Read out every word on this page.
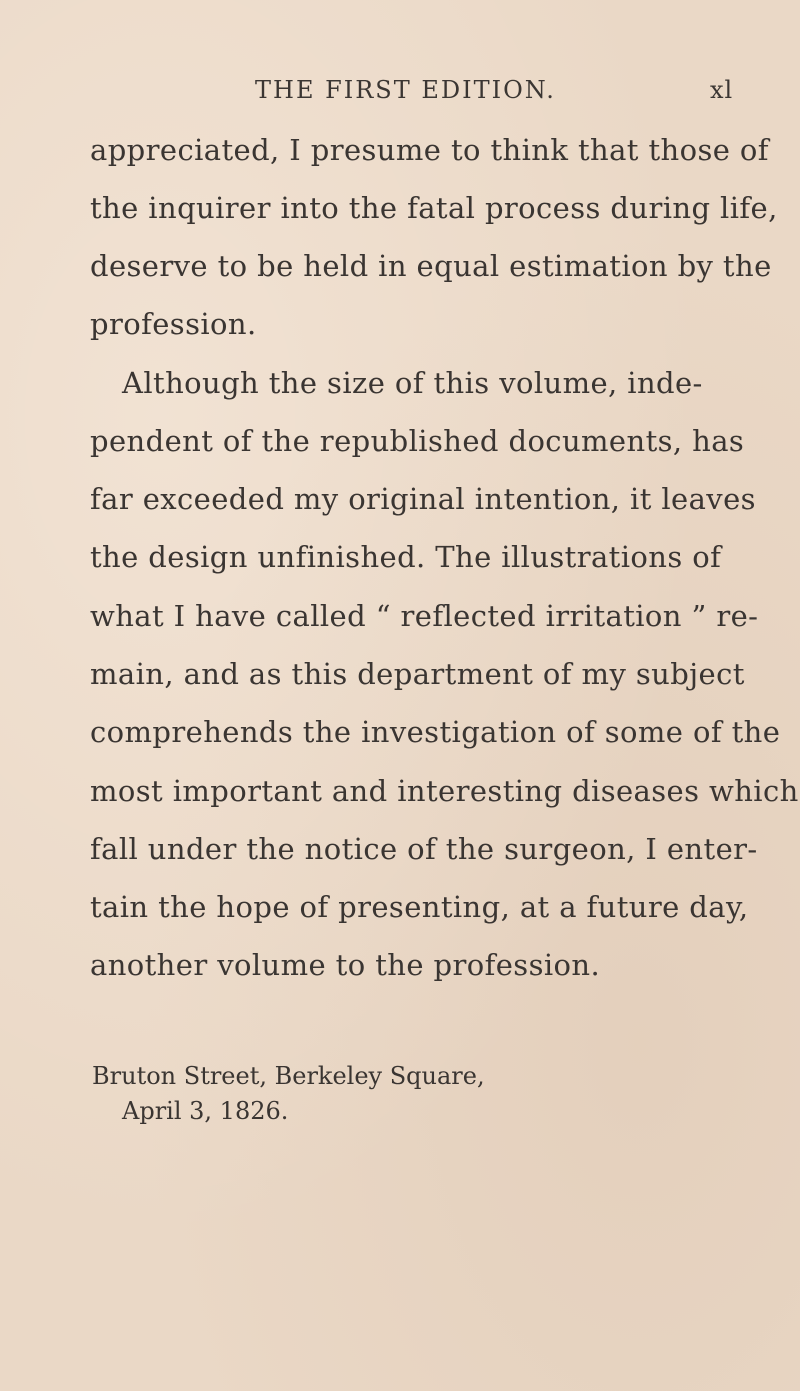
THE FIRST EDITION.	xl
appreciated, I presume to think that those of
the inquirer into the fatal process during life,
deserve to be held in equal estimation by the
profession.
Although the size of this volume, inde-
pendent of the republished documents, has
far exceeded my original intention, it leaves
the design unfinished. The illustrations of
what I have called “ reflected irritation ” re-
main, and as this department of my subject
comprehends the investigation of some of the
most important and interesting diseases which
fall under the notice of the surgeon, I enter-
tain the hope of presenting, at a future day,
another volume to the profession.
Bruton Street, Berkeley Square,
April 3, 1826.
